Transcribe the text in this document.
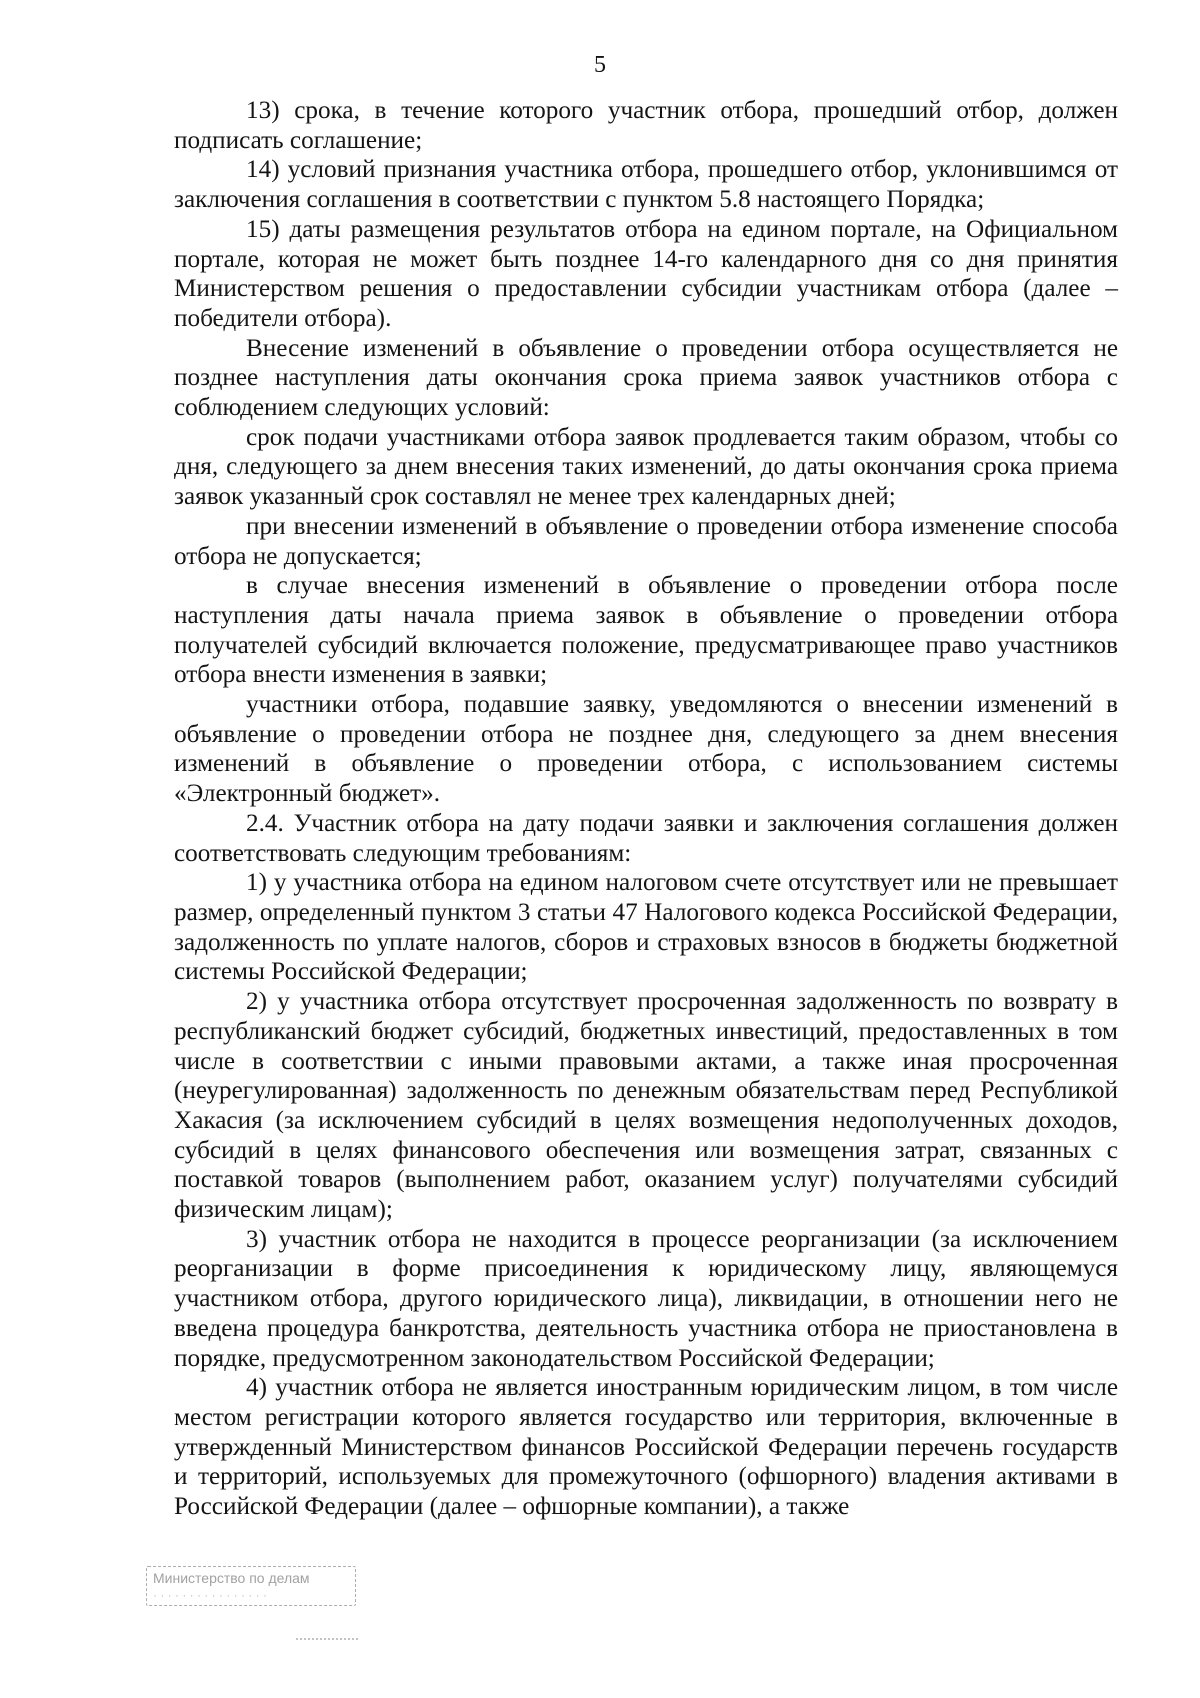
5

13) срока, в течение которого участник отбора, прошедший отбор, должен подписать соглашение;

14) условий признания участника отбора, прошедшего отбор, уклонившимся от заключения соглашения в соответствии с пунктом 5.8 настоящего Порядка;

15) даты размещения результатов отбора на едином портале, на Официальном портале, которая не может быть позднее 14-го календарного дня со дня принятия Министерством решения о предоставлении субсидии участникам отбора (далее – победители отбора).

Внесение изменений в объявление о проведении отбора осуществляется не позднее наступления даты окончания срока приема заявок участников отбора с соблюдением следующих условий:

срок подачи участниками отбора заявок продлевается таким образом, чтобы со дня, следующего за днем внесения таких изменений, до даты окончания срока приема заявок указанный срок составлял не менее трех календарных дней;

при внесении изменений в объявление о проведении отбора изменение способа отбора не допускается;

в случае внесения изменений в объявление о проведении отбора после наступления даты начала приема заявок в объявление о проведении отбора получателей субсидий включается положение, предусматривающее право участников отбора внести изменения в заявки;

участники отбора, подавшие заявку, уведомляются о внесении изменений в объявление о проведении отбора не позднее дня, следующего за днем внесения изменений в объявление о проведении отбора, с использованием системы «Электронный бюджет».

2.4. Участник отбора на дату подачи заявки и заключения соглашения должен соответствовать следующим требованиям:

1) у участника отбора на едином налоговом счете отсутствует или не превышает размер, определенный пунктом 3 статьи 47 Налогового кодекса Российской Федерации, задолженность по уплате налогов, сборов и страховых взносов в бюджеты бюджетной системы Российской Федерации;

2) у участника отбора отсутствует просроченная задолженность по возврату в республиканский бюджет субсидий, бюджетных инвестиций, предоставленных в том числе в соответствии с иными правовыми актами, а также иная просроченная (неурегулированная) задолженность по денежным обязательствам перед Республикой Хакасия (за исключением субсидий в целях возмещения недополученных доходов, субсидий в целях финансового обеспечения или возмещения затрат, связанных с поставкой товаров (выполнением работ, оказанием услуг) получателями субсидий физическим лицам);

3) участник отбора не находится в процессе реорганизации (за исключением реорганизации в форме присоединения к юридическому лицу, являющемуся участником отбора, другого юридического лица), ликвидации, в отношении него не введена процедура банкротства, деятельность участника отбора не приостановлена в порядке, предусмотренном законодательством Российской Федерации;

4) участник отбора не является иностранным юридическим лицом, в том числе местом регистрации которого является государство или территория, включенные в утвержденный Министерством финансов Российской Федерации перечень государств и территорий, используемых для промежуточного (офшорного) владения активами в Российской Федерации (далее – офшорные компании), а также

Министерство по делам
· · · · · · · · · · · · · · · ·
